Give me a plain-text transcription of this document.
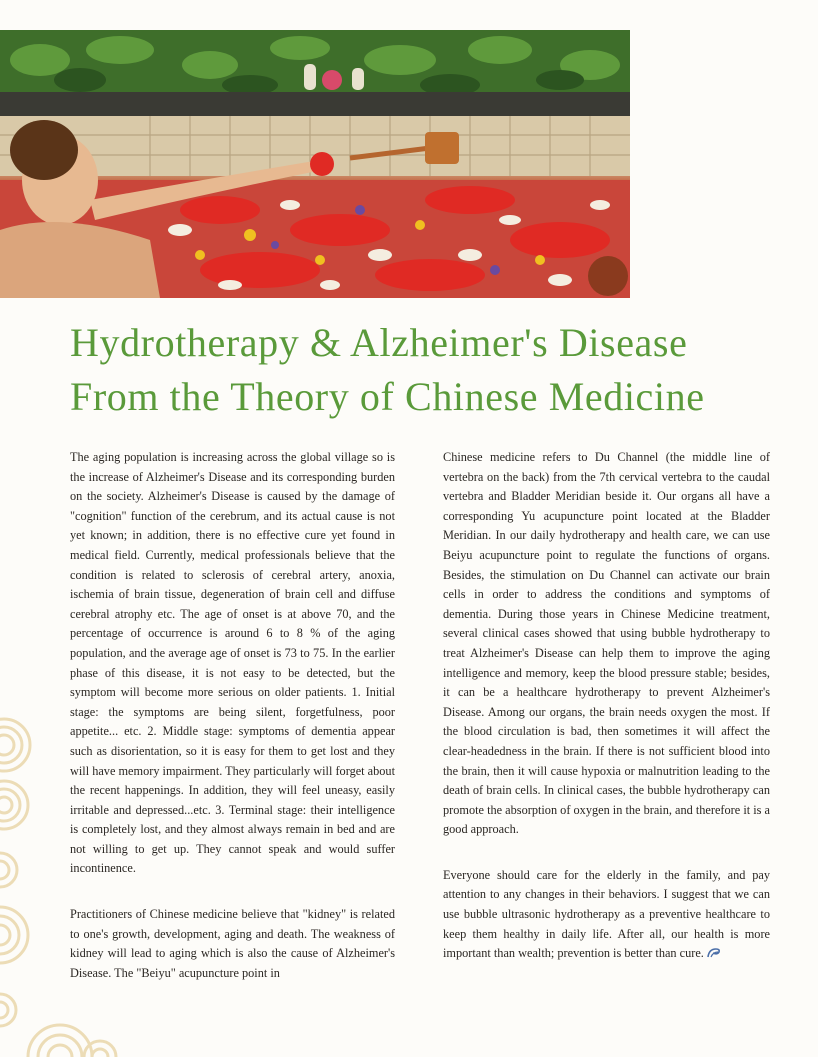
Hydrotherapy & Alzheimer's Disease
From the Theory of Chinese Medicine

The aging population is increasing across the global village so is the increase of Alzheimer's Disease and its corresponding burden on the society. Alzheimer's Disease is caused by the damage of "cognition" function of the cerebrum, and its actual cause is not yet known; in addition, there is no effective cure yet found in medical field. Currently, medical professionals believe that the condition is related to sclerosis of cerebral artery, anoxia, ischemia of brain tissue, degeneration of brain cell and diffuse cerebral atrophy etc. The age of onset is at above 70, and the percentage of occurrence is around 6 to 8 % of the aging population, and the average age of onset is 73 to 75. In the earlier phase of this disease, it is not easy to be detected, but the symptom will become more serious on older patients. 1. Initial stage: the symptoms are being silent, forgetfulness, poor appetite... etc. 2. Middle stage: symptoms of dementia appear such as disorientation, so it is easy for them to get lost and they will have memory impairment. They particularly will forget about the recent happenings. In addition, they will feel uneasy, easily irritable and depressed...etc. 3. Terminal stage: their intelligence is completely lost, and they almost always remain in bed and are not willing to get up. They cannot speak and would suffer incontinence.

Practitioners of Chinese medicine believe that "kidney" is related to one's growth, development, aging and death. The weakness of kidney will lead to aging which is also the cause of Alzheimer's Disease. The "Beiyu" acupuncture point in

Chinese medicine refers to Du Channel (the middle line of vertebra on the back) from the 7th cervical vertebra to the caudal vertebra and Bladder Meridian beside it. Our organs all have a corresponding Yu acupuncture point located at the Bladder Meridian. In our daily hydrotherapy and health care, we can use Beiyu acupuncture point to regulate the functions of organs. Besides, the stimulation on Du Channel can activate our brain cells in order to address the conditions and symptoms of dementia. During those years in Chinese Medicine treatment, several clinical cases showed that using bubble hydrotherapy to treat Alzheimer's Disease can help them to improve the aging intelligence and memory, keep the blood pressure stable; besides, it can be a healthcare hydrotherapy to prevent Alzheimer's Disease. Among our organs, the brain needs oxygen the most. If the blood circulation is bad, then sometimes it will affect the clear-headedness in the brain. If there is not sufficient blood into the brain, then it will cause hypoxia or malnutrition leading to the death of brain cells. In clinical cases, the bubble hydrotherapy can promote the absorption of oxygen in the brain, and therefore it is a good approach.

Everyone should care for the elderly in the family, and pay attention to any changes in their behaviors. I suggest that we can use bubble ultrasonic hydrotherapy as a preventive healthcare to keep them healthy in daily life. After all, our health is more important than wealth; prevention is better than cure.
